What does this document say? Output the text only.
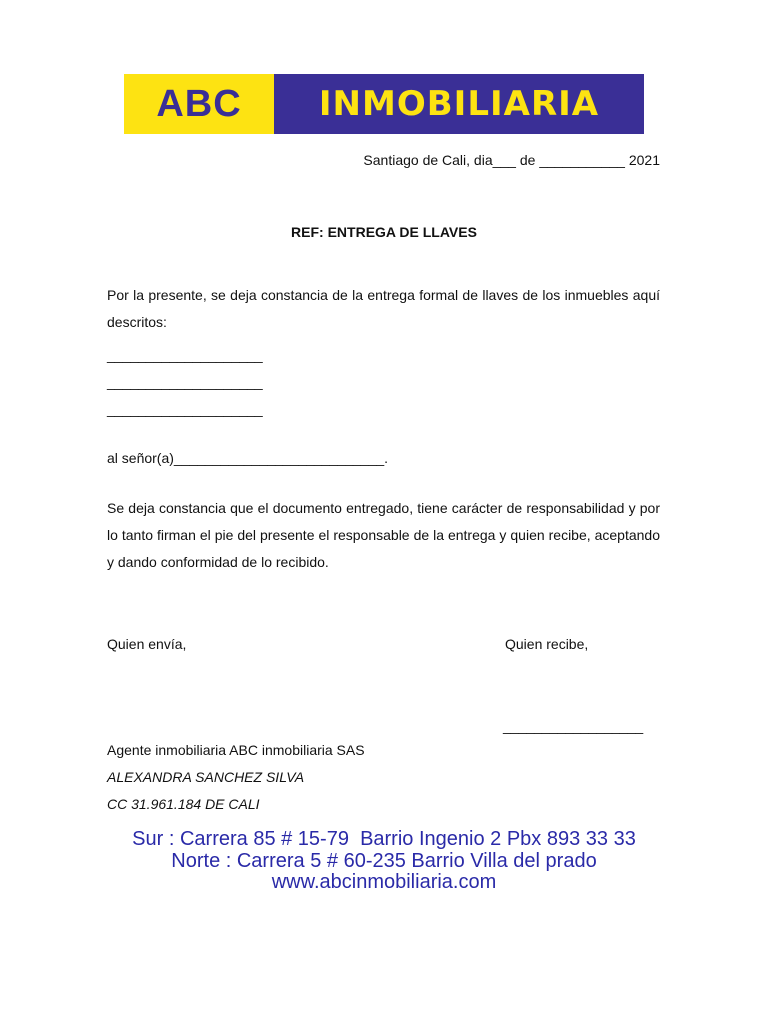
ABC	INMOBILIARIA
Santiago de Cali, dia___ de ___________ 2021
REF: ENTREGA DE LLAVES
Por la presente, se deja constancia de la entrega formal de llaves de los inmuebles aquí descritos:
____________________
____________________
____________________
al señor(a)___________________________.
Se deja constancia que el documento entregado, tiene carácter de responsabilidad y por lo tanto firman el pie del presente el responsable de la entrega y quien recibe, aceptando y dando conformidad de lo recibido.
Quien envía,	Quien recibe,
__________________
Agente inmobiliaria ABC inmobiliaria SAS
ALEXANDRA SANCHEZ SILVA
CC 31.961.184 DE CALI
Sur : Carrera 85 # 15-79  Barrio Ingenio 2 Pbx 893 33 33
Norte : Carrera 5 # 60-235 Barrio Villa del prado
www.abcinmobiliaria.com
